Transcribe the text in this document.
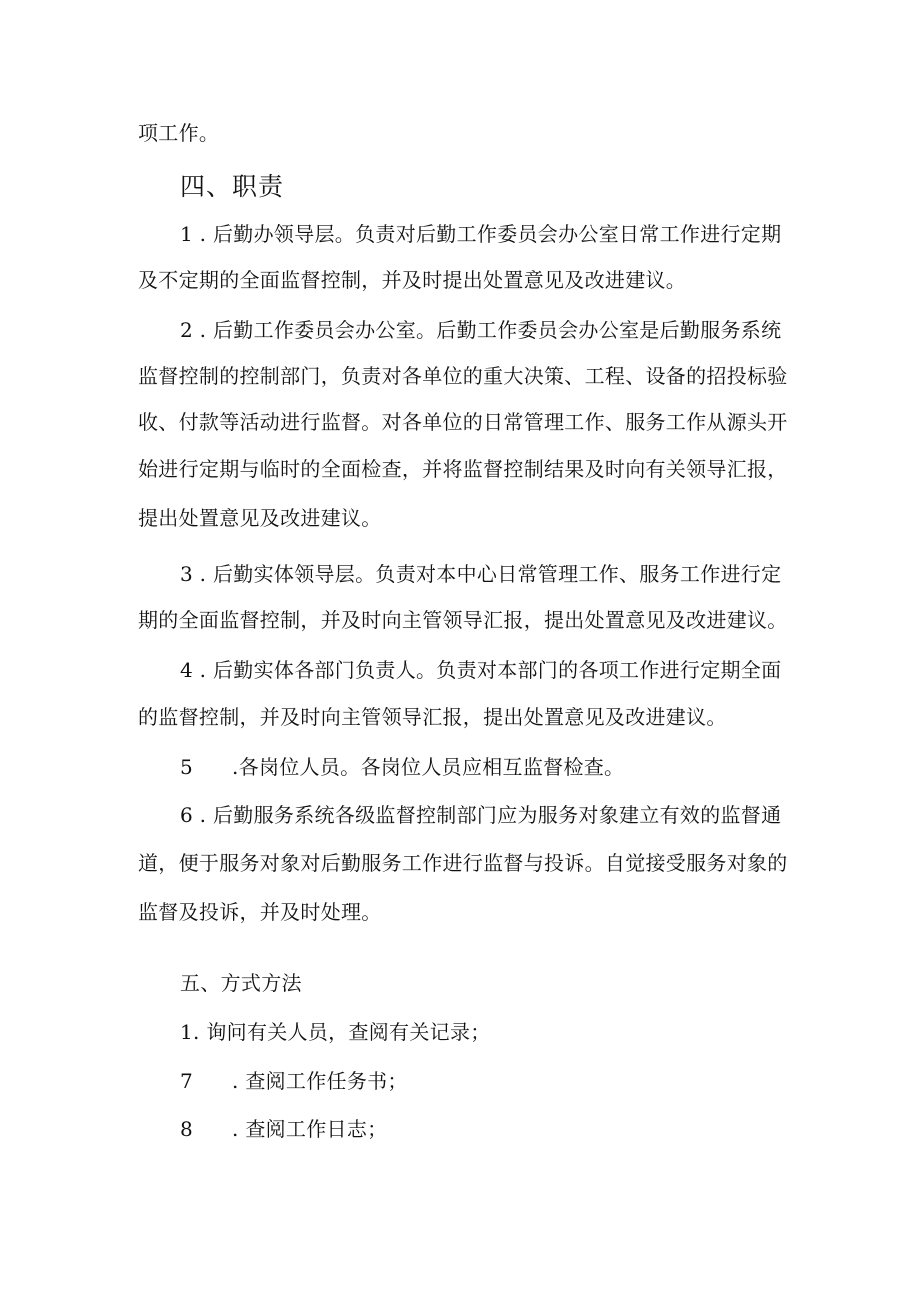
项工作。
四、职责
1 . 后勤办领导层。负责对后勤工作委员会办公室日常工作进行定期
及不定期的全面监督控制，并及时提出处置意见及改进建议。
2 . 后勤工作委员会办公室。后勤工作委员会办公室是后勤服务系统
监督控制的控制部门，负责对各单位的重大决策、工程、设备的招投标验
收、付款等活动进行监督。对各单位的日常管理工作、服务工作从源头开
始进行定期与临时的全面检查，并将监督控制结果及时向有关领导汇报，
提出处置意见及改进建议。
3 . 后勤实体领导层。负责对本中心日常管理工作、服务工作进行定
期的全面监督控制，并及时向主管领导汇报，提出处置意见及改进建议。
4 . 后勤实体各部门负责人。负责对本部门的各项工作进行定期全面
的监督控制，并及时向主管领导汇报，提出处置意见及改进建议。
5 .各岗位人员。各岗位人员应相互监督检查。
6 . 后勤服务系统各级监督控制部门应为服务对象建立有效的监督通
道，便于服务对象对后勤服务工作进行监督与投诉。自觉接受服务对象的
监督及投诉，并及时处理。
五、方式方法
1. 询问有关人员，查阅有关记录；
7 . 查阅工作任务书；
8 . 查阅工作日志；
